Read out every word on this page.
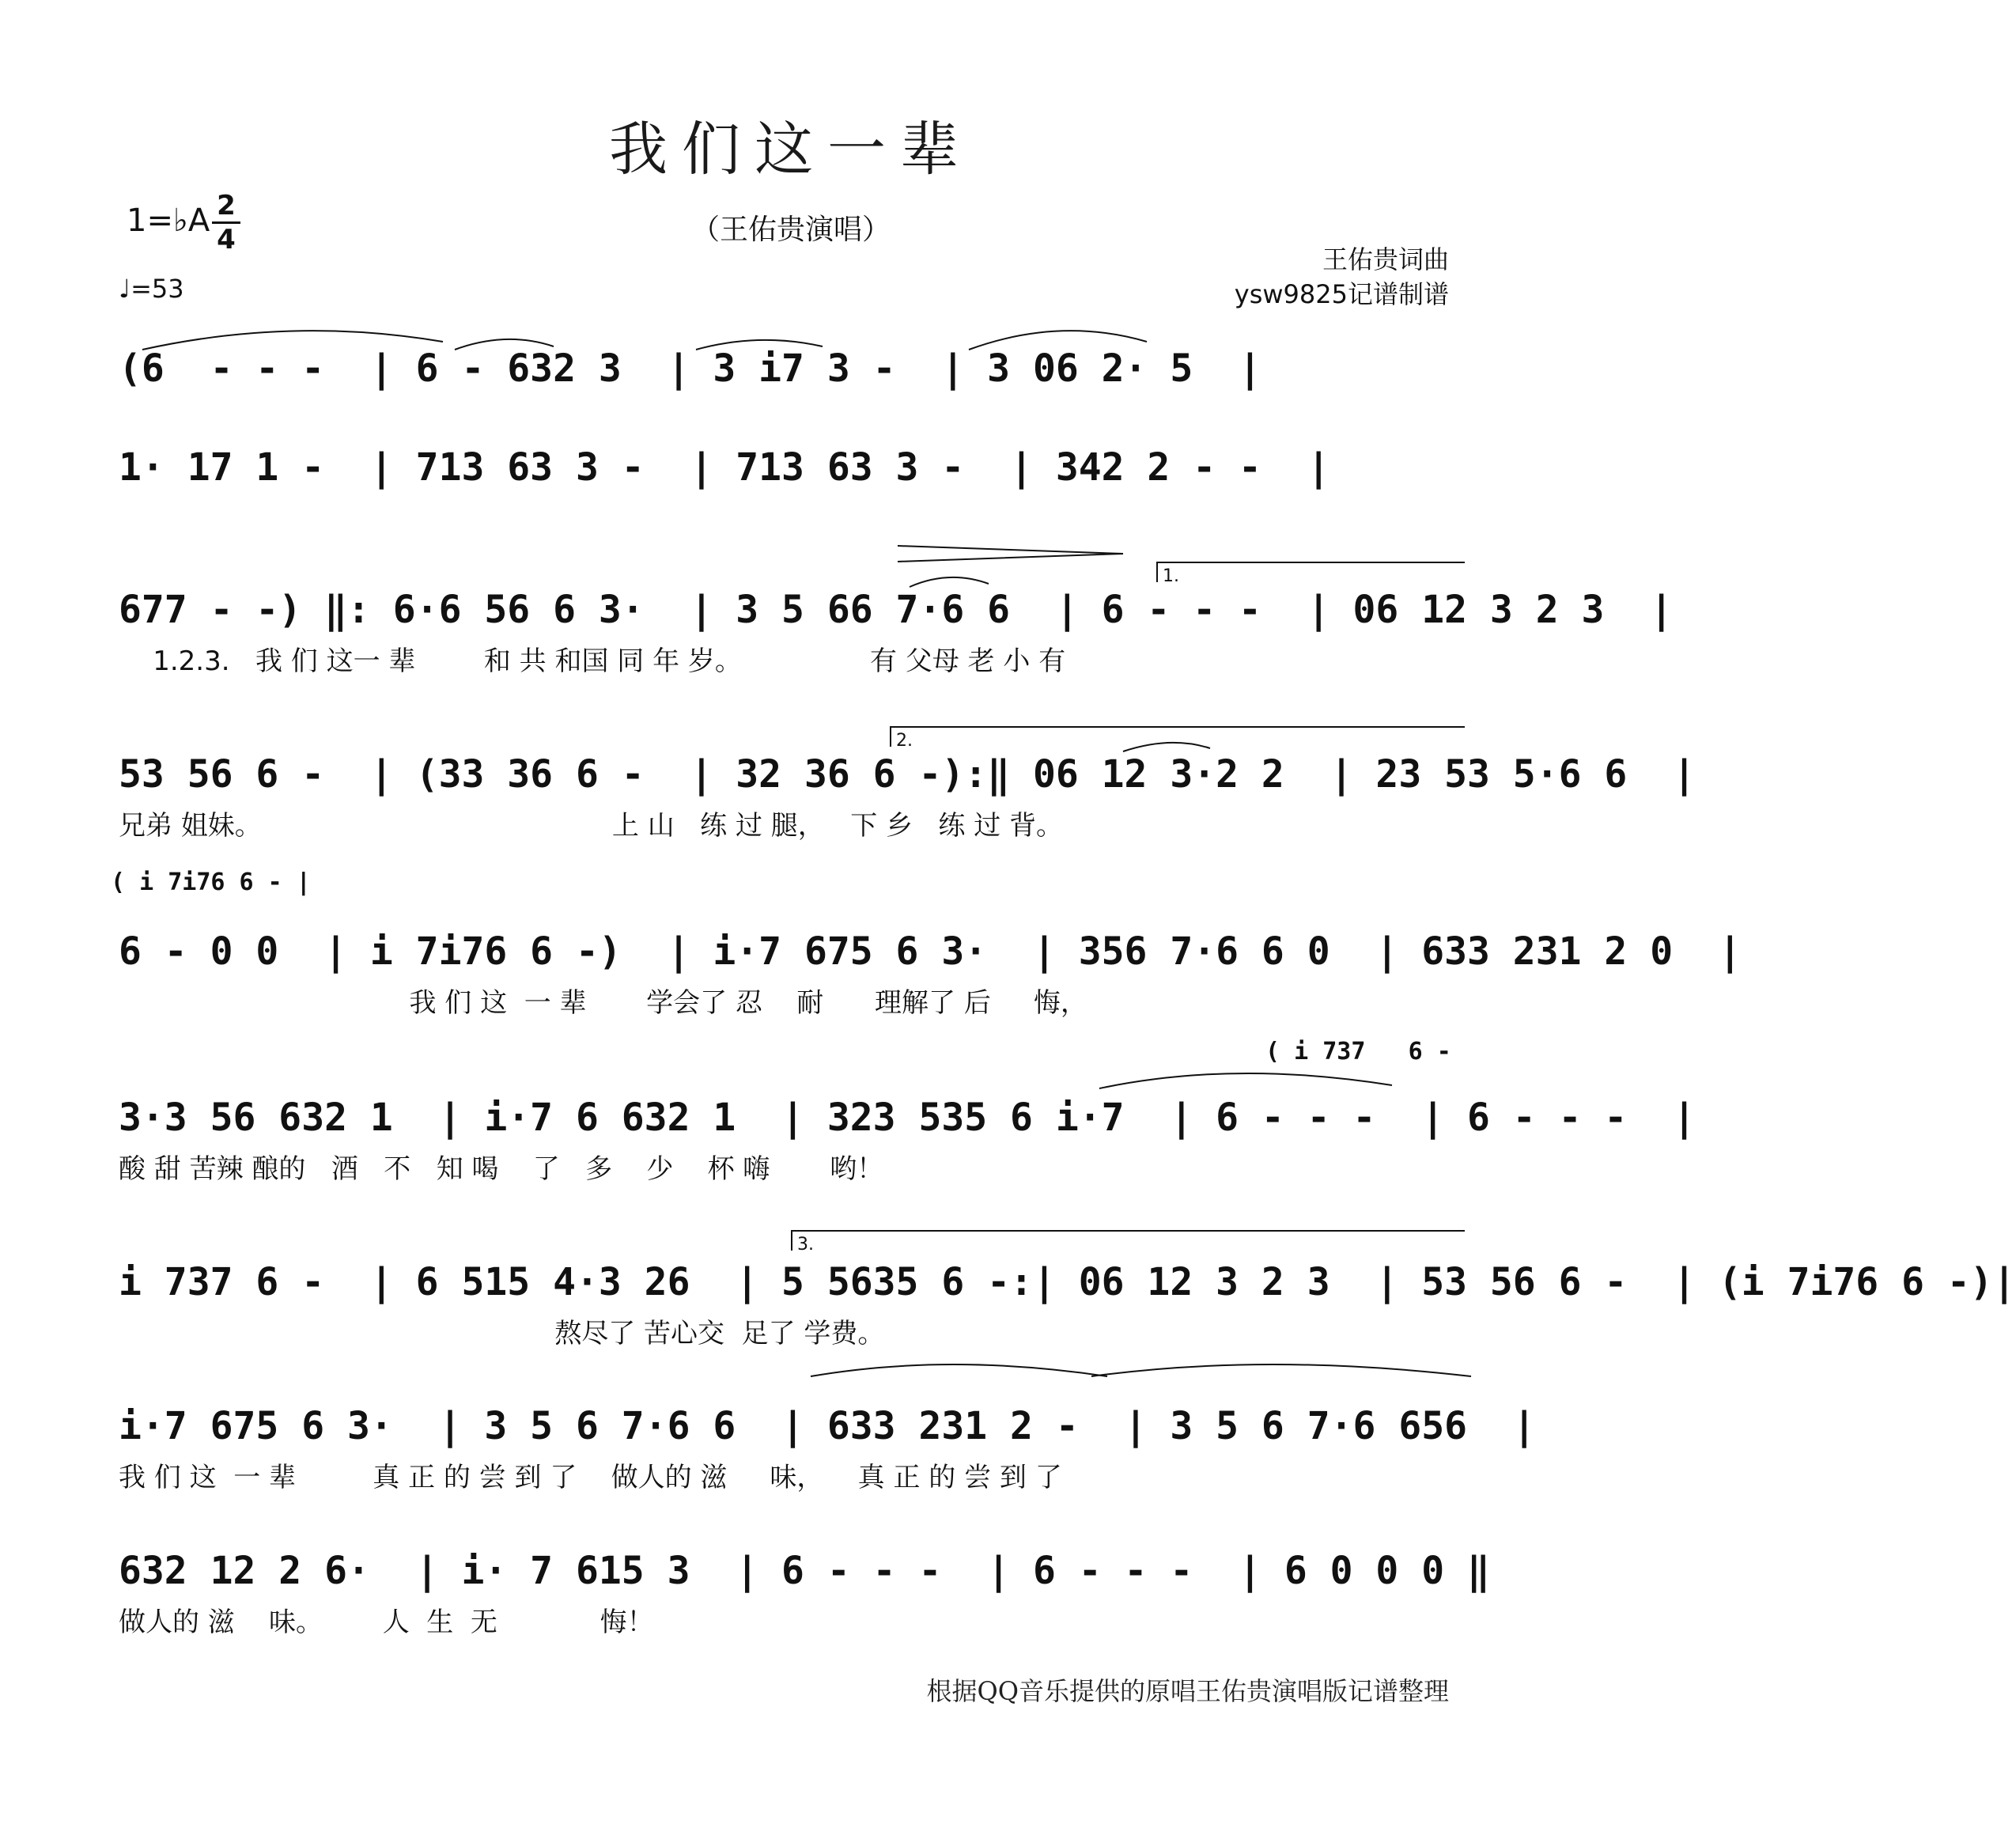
我们这一辈
（王佑贵演唱）
1=♭A 2
4
♩=53
王佑贵词曲
ysw9825记谱制谱
1.
2.
3.
( i 7i76 6 - |
( i 737   6 -
(6  - - -  | 6 - 632 3  | 3 i7 3 -  | 3 06 2· 5  |
1· 17 1 -  | 713 63 3 -  | 713 63 3 -  | 342 2 - -  |
677 - -) ‖: 6·6 56 6 3·  | 3 5 66 7·6 6  | 6 - - -  | 06 12 3 2 3  |
1.2.3.   我 们 这一 辈        和 共 和国 同 年 岁。               有 父母 老 小 有
53 56 6 -  | (33 36 6 -  | 32 36 6 -):‖ 06 12 3·2 2  | 23 53 5·6 6  |
兄弟 姐妹。                                         上 山   练 过 腿，   下 乡   练 过 背。
6 - 0 0  | i 7i76 6 -)  | i·7 675 6 3·  | 356 7·6 6 0  | 633 231 2 0  |
我 们 这  一 辈       学会了 忍    耐      理解了 后     悔，
3·3 56 632 1  | i·7 6 632 1  | 323 535 6 i·7  | 6 - - -  | 6 - - -  |
酸 甜 苦辣 酿的   酒   不   知 喝    了   多    少    杯 嗨       哟！
i 737 6 -  | 6 515 4·3 26  | 5 5635 6 -:| 06 12 3 2 3  | 53 56 6 -  | (i 7i76 6 -)|
熬尽了 苦心交  足了 学费。
i·7 675 6 3·  | 3 5 6 7·6 6  | 633 231 2 -  | 3 5 6 7·6 656  |
我 们 这  一 辈         真 正 的 尝 到 了    做人的 滋     味，    真 正 的 尝 到 了
632 12 2 6·  | i· 7 615 3  | 6 - - -  | 6 - - -  | 6 0 0 0 ‖
做人的 滋    味。       人  生  无            悔！
根据QQ音乐提供的原唱王佑贵演唱版记谱整理
